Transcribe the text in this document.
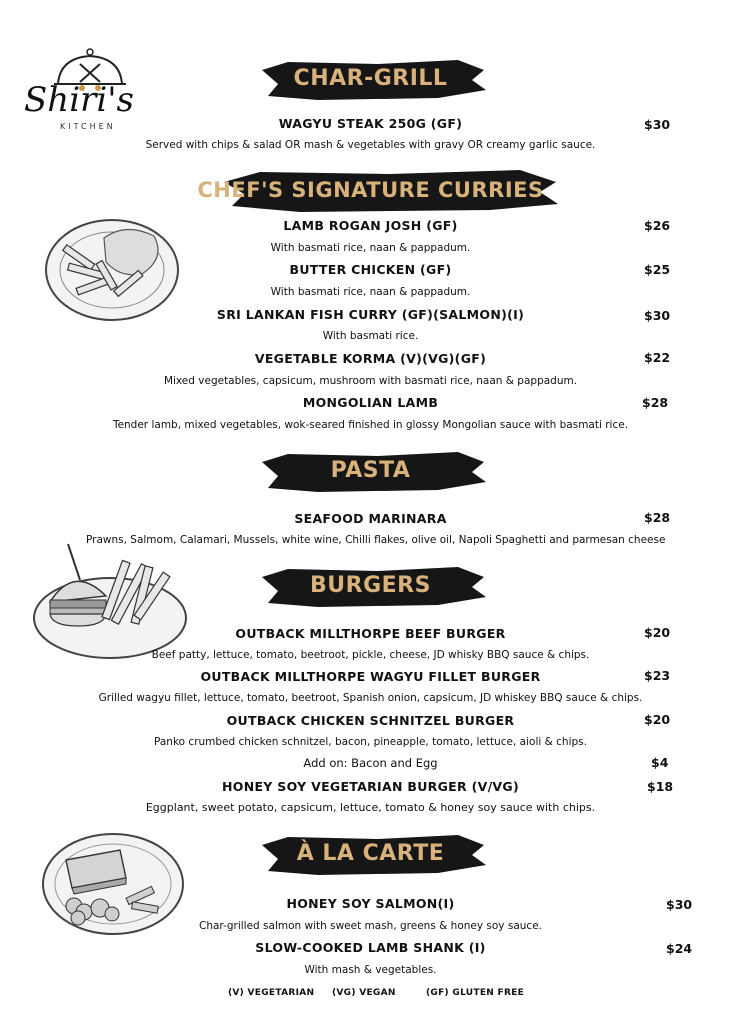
Shiri's
KITCHEN
CHAR-GRILL
WAGYU STEAK 250G (GF)	$30
Served with chips & salad OR mash & vegetables with gravy OR creamy garlic sauce.
CHEF'S SIGNATURE CURRIES
LAMB ROGAN JOSH (GF)	$26
With basmati rice, naan & pappadum.
BUTTER CHICKEN (GF)	$25
With basmati rice, naan & pappadum.
SRI LANKAN FISH CURRY (GF)(SALMON)(I)	$30
With basmati rice.
VEGETABLE KORMA (V)(VG)(GF)	$22
Mixed vegetables, capsicum, mushroom with basmati rice, naan & pappadum.
MONGOLIAN LAMB	$28
Tender lamb, mixed vegetables, wok-seared finished in glossy Mongolian sauce with basmati rice.
PASTA
SEAFOOD MARINARA	$28
Prawns, Salmom, Calamari, Mussels, white wine, Chilli flakes, olive oil, Napoli Spaghetti and parmesan cheese
BURGERS
OUTBACK MILLTHORPE BEEF BURGER	$20
Beef patty, lettuce, tomato, beetroot, pickle, cheese, JD whisky BBQ sauce & chips.
OUTBACK MILLTHORPE WAGYU FILLET BURGER	$23
Grilled wagyu fillet, lettuce, tomato, beetroot, Spanish onion, capsicum, JD whiskey BBQ sauce & chips.
OUTBACK CHICKEN SCHNITZEL BURGER	$20
Panko crumbed chicken schnitzel, bacon, pineapple, tomato, lettuce, aioli & chips.
Add on: Bacon and Egg	$4
HONEY SOY VEGETARIAN BURGER (V/VG)	$18
Eggplant, sweet potato, capsicum, lettuce, tomato & honey soy sauce with chips.
À LA CARTE
HONEY SOY SALMON(I)	$30
Char-grilled salmon with sweet mash, greens & honey soy sauce.
SLOW-COOKED LAMB SHANK (I)	$24
With mash & vegetables.
(V) VEGETARIAN (VG) VEGAN	(GF) GLUTEN FREE
